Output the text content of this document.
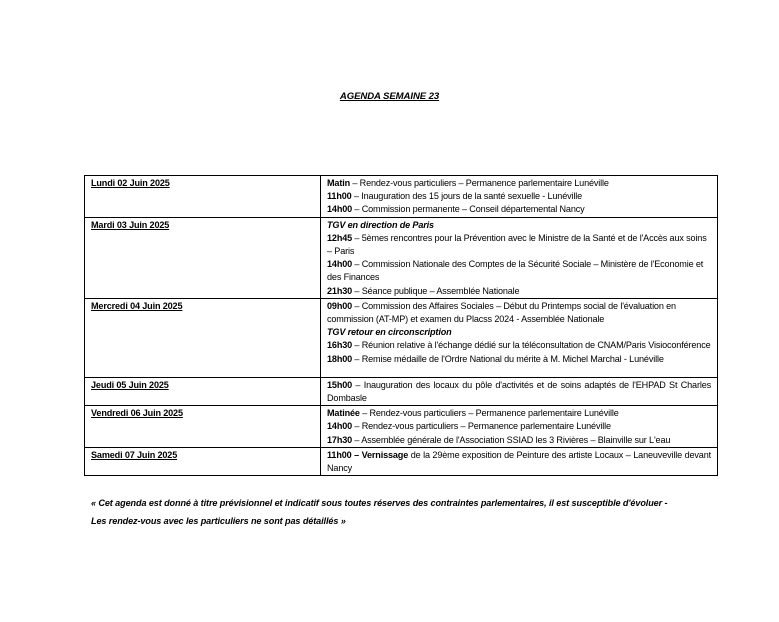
AGENDA SEMAINE 23
Lundi 02 Juin 2025	Matin – Rendez-vous particuliers – Permanence parlementaire Lunéville
11h00 – Inauguration des 15 jours de la santé sexuelle - Lunéville
14h00 – Commission permanente – Conseil départemental Nancy

Mardi 03 Juin 2025	TGV en direction de Paris
12h45 – 5èmes rencontres pour la Prévention avec le Ministre de la Santé et de l'Accès aux soins – Paris
14h00 – Commission Nationale des Comptes de la Sécurité Sociale – Ministère de l'Economie et des Finances
21h30 – Séance publique – Assemblée Nationale

Mercredi 04 Juin 2025	09h00 – Commission des Affaires Sociales – Début du Printemps social de l'évaluation en commission (AT-MP) et examen du Placss 2024 - Assemblée Nationale
TGV retour en circonscription
16h30 – Réunion relative à l'échange dédié sur la téléconsultation de CNAM/Paris Visioconférence
18h00 – Remise médaille de l'Ordre National du mérite à M. Michel Marchal - Lunéville

Jeudi 05 Juin 2025	15h00 – Inauguration des locaux du pôle d'activités et de soins adaptés de l'EHPAD St Charles Dombasle

Vendredi 06 Juin 2025	Matinée – Rendez-vous particuliers – Permanence parlementaire Lunéville
14h00 – Rendez-vous particuliers – Permanence parlementaire Lunéville
17h30 – Assemblée générale de l'Association SSIAD les 3 Rivières – Blainville sur L'eau

Samedi 07 Juin 2025	11h00 – Vernissage de la 29ème exposition de Peinture des artiste Locaux – Laneuveville devant Nancy
« Cet agenda est donné à titre prévisionnel et indicatif sous toutes réserves des contraintes parlementaires, il est susceptible d'évoluer -
Les rendez-vous avec les particuliers ne sont pas détaillés »
